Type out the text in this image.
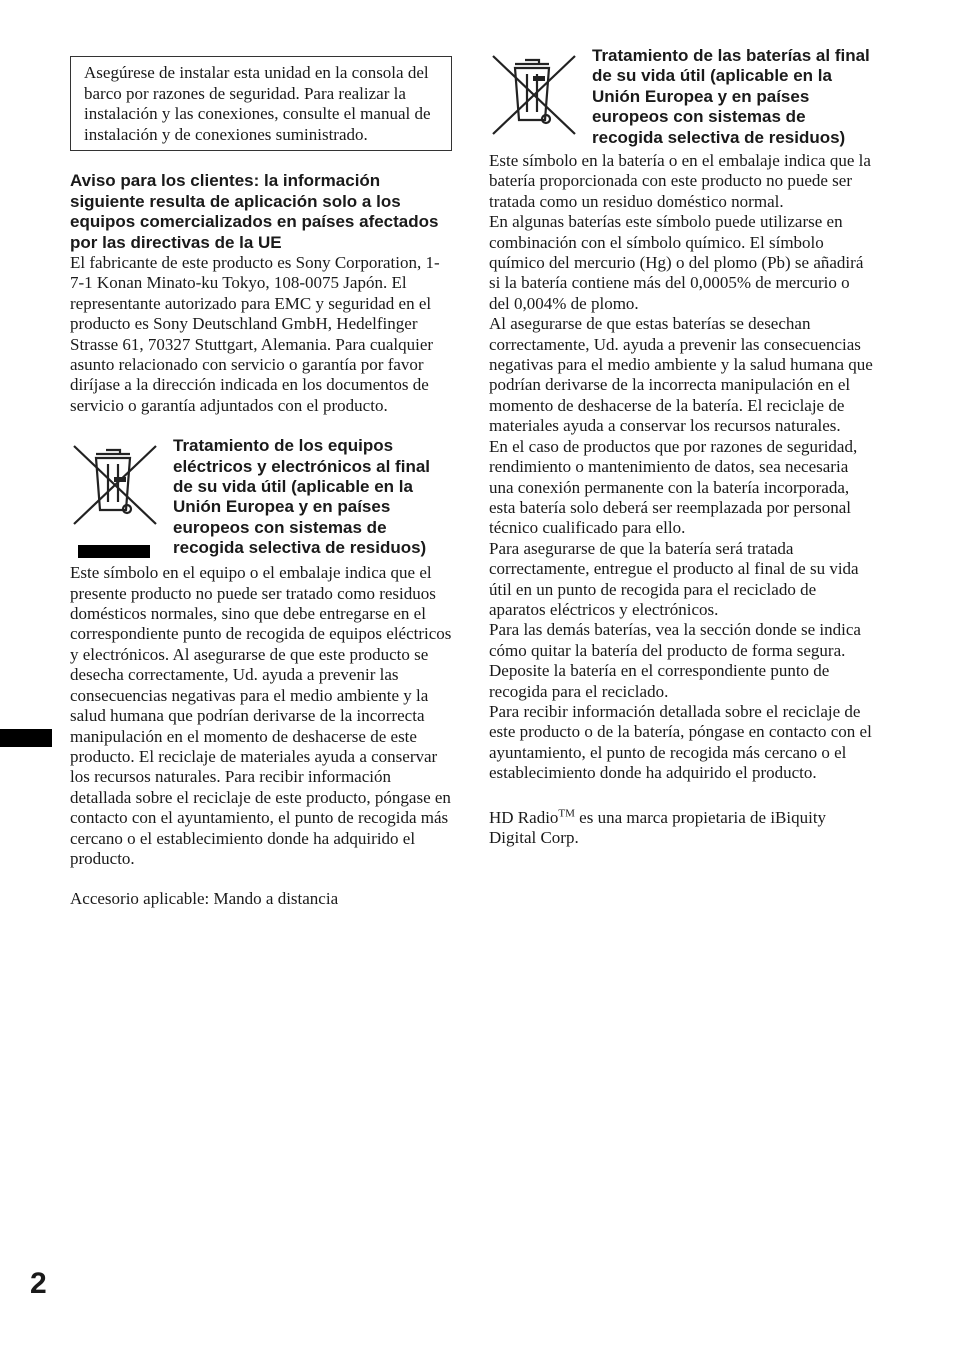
Asegúrese de instalar esta unidad en la consola del barco por razones de seguridad. Para realizar la instalación y las conexiones, consulte el manual de instalación y de conexiones suministrado.

Aviso para los clientes: la información siguiente resulta de aplicación solo a los equipos comercializados en países afectados por las directivas de la UE

El fabricante de este producto es Sony Corporation, 1-7-1 Konan Minato-ku Tokyo, 108-0075 Japón. El representante autorizado para EMC y seguridad en el producto es Sony Deutschland GmbH, Hedelfinger Strasse 61, 70327 Stuttgart, Alemania. Para cualquier asunto relacionado con servicio o garantía por favor diríjase a la dirección indicada en los documentos de servicio o garantía adjuntados con el producto.

Tratamiento de los equipos eléctricos y electrónicos al final de su vida útil (aplicable en la Unión Europea y en países europeos con sistemas de recogida selectiva de residuos)

Este símbolo en el equipo o el embalaje indica que el presente producto no puede ser tratado como residuos domésticos normales, sino que debe entregarse en el correspondiente punto de recogida de equipos eléctricos y electrónicos. Al asegurarse de que este producto se desecha correctamente, Ud. ayuda a prevenir las consecuencias negativas para el medio ambiente y la salud humana que podrían derivarse de la incorrecta manipulación en el momento de deshacerse de este producto. El reciclaje de materiales ayuda a conservar los recursos naturales. Para recibir información detallada sobre el reciclaje de este producto, póngase en contacto con el ayuntamiento, el punto de recogida más cercano o el establecimiento donde ha adquirido el producto.

Accesorio aplicable: Mando a distancia

Tratamiento de las baterías al final de su vida útil (aplicable en la Unión Europea y en países europeos con sistemas de recogida selectiva de residuos)

Este símbolo en la batería o en el embalaje indica que la batería proporcionada con este producto no puede ser tratada como un residuo doméstico normal.

En algunas baterías este símbolo puede utilizarse en combinación con el símbolo químico. El símbolo químico del mercurio (Hg) o del plomo (Pb) se añadirá si la batería contiene más del 0,0005% de mercurio o del 0,004% de plomo.

Al asegurarse de que estas baterías se desechan correctamente, Ud. ayuda a prevenir las consecuencias negativas para el medio ambiente y la salud humana que podrían derivarse de la incorrecta manipulación en el momento de deshacerse de la batería. El reciclaje de materiales ayuda a conservar los recursos naturales.

En el caso de productos que por razones de seguridad, rendimiento o mantenimiento de datos, sea necesaria una conexión permanente con la batería incorporada, esta batería solo deberá ser reemplazada por personal técnico cualificado para ello.

Para asegurarse de que la batería será tratada correctamente, entregue el producto al final de su vida útil en un punto de recogida para el reciclado de aparatos eléctricos y electrónicos.

Para las demás baterías, vea la sección donde se indica cómo quitar la batería del producto de forma segura. Deposite la batería en el correspondiente punto de recogida para el reciclado.

Para recibir información detallada sobre el reciclaje de este producto o de la batería, póngase en contacto con el ayuntamiento, el punto de recogida más cercano o el establecimiento donde ha adquirido el producto.

HD Radio™ es una marca propietaria de iBiquity Digital Corp.

2
